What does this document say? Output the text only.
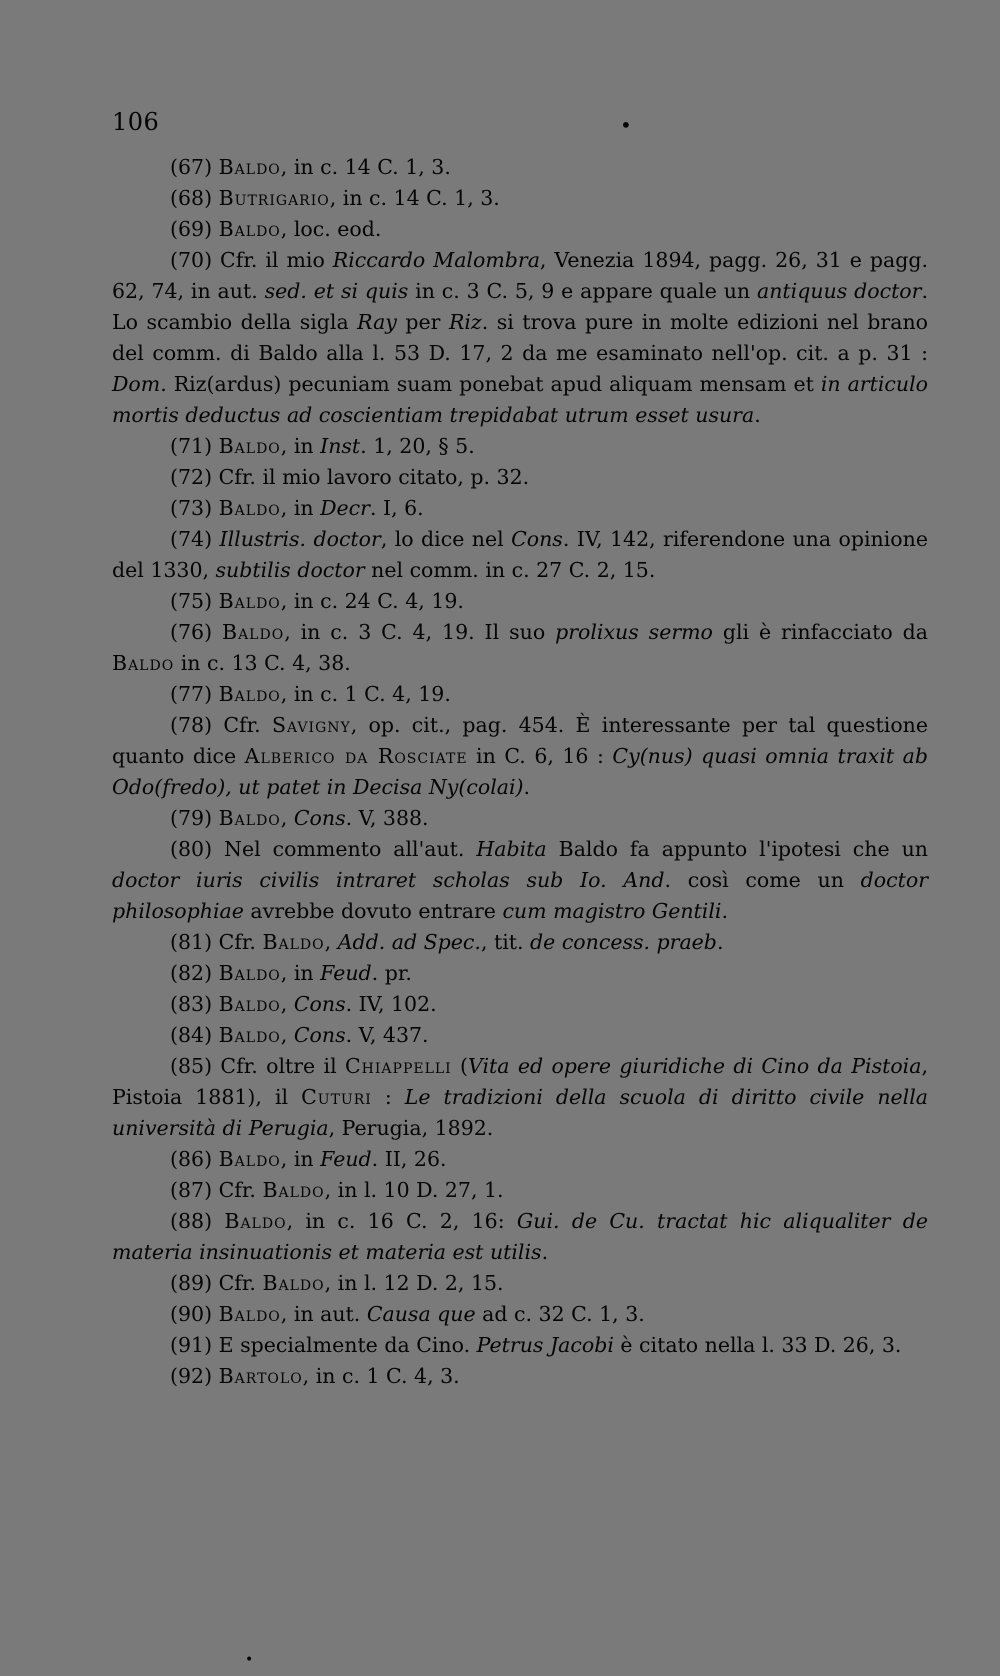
106	•

(67) Baldo, in c. 14 C. 1, 3.

(68) Butrigario, in c. 14 C. 1, 3.

(69) Baldo, loc. eod.

(70) Cfr. il mio Riccardo Malombra, Venezia 1894, pagg. 26, 31 e pagg. 62, 74, in aut. sed. et si quis in c. 3 C. 5, 9 e appare quale un antiquus doctor. Lo scambio della sigla Ray per Riz. si trova pure in molte edizioni nel brano del comm. di Baldo alla l. 53 D. 17, 2 da me esaminato nell'op. cit. a p. 31 : Dom. Riz(ardus) pecuniam suam ponebat apud aliquam mensam et in articulo mortis deductus ad coscientiam trepidabat utrum esset usura.

(71) Baldo, in Inst. 1, 20, § 5.

(72) Cfr. il mio lavoro citato, p. 32.

(73) Baldo, in Decr. I, 6.

(74) Illustris. doctor, lo dice nel Cons. IV, 142, riferendone una opinione del 1330, subtilis doctor nel comm. in c. 27 C. 2, 15.

(75) Baldo, in c. 24 C. 4, 19.

(76) Baldo, in c. 3 C. 4, 19. Il suo prolixus sermo gli è rinfacciato da Baldo in c. 13 C. 4, 38.

(77) Baldo, in c. 1 C. 4, 19.

(78) Cfr. Savigny, op. cit., pag. 454. È interessante per tal questione quanto dice Alberico da Rosciate in C. 6, 16 : Cy(nus) quasi omnia traxit ab Odo(fredo), ut patet in Decisa Ny(colai).

(79) Baldo, Cons. V, 388.

(80) Nel commento all'aut. Habita Baldo fa appunto l'ipotesi che un doctor iuris civilis intraret scholas sub Io. And. così come un doctor philosophiae avrebbe dovuto entrare cum magistro Gentili.

(81) Cfr. Baldo, Add. ad Spec., tit. de concess. praeb.

(82) Baldo, in Feud. pr.

(83) Baldo, Cons. IV, 102.

(84) Baldo, Cons. V, 437.

(85) Cfr. oltre il Chiappelli (Vita ed opere giuridiche di Cino da Pistoia, Pistoia 1881), il Cuturi : Le tradizioni della scuola di diritto civile nella università di Perugia, Perugia, 1892.

(86) Baldo, in Feud. II, 26.

(87) Cfr. Baldo, in l. 10 D. 27, 1.

(88) Baldo, in c. 16 C. 2, 16: Gui. de Cu. tractat hic aliqualiter de materia insinuationis et materia est utilis.

(89) Cfr. Baldo, in l. 12 D. 2, 15.

(90) Baldo, in aut. Causa que ad c. 32 C. 1, 3.

(91) E specialmente da Cino. Petrus Jacobi è citato nella l. 33 D. 26, 3.

(92) Bartolo, in c. 1 C. 4, 3.

•
